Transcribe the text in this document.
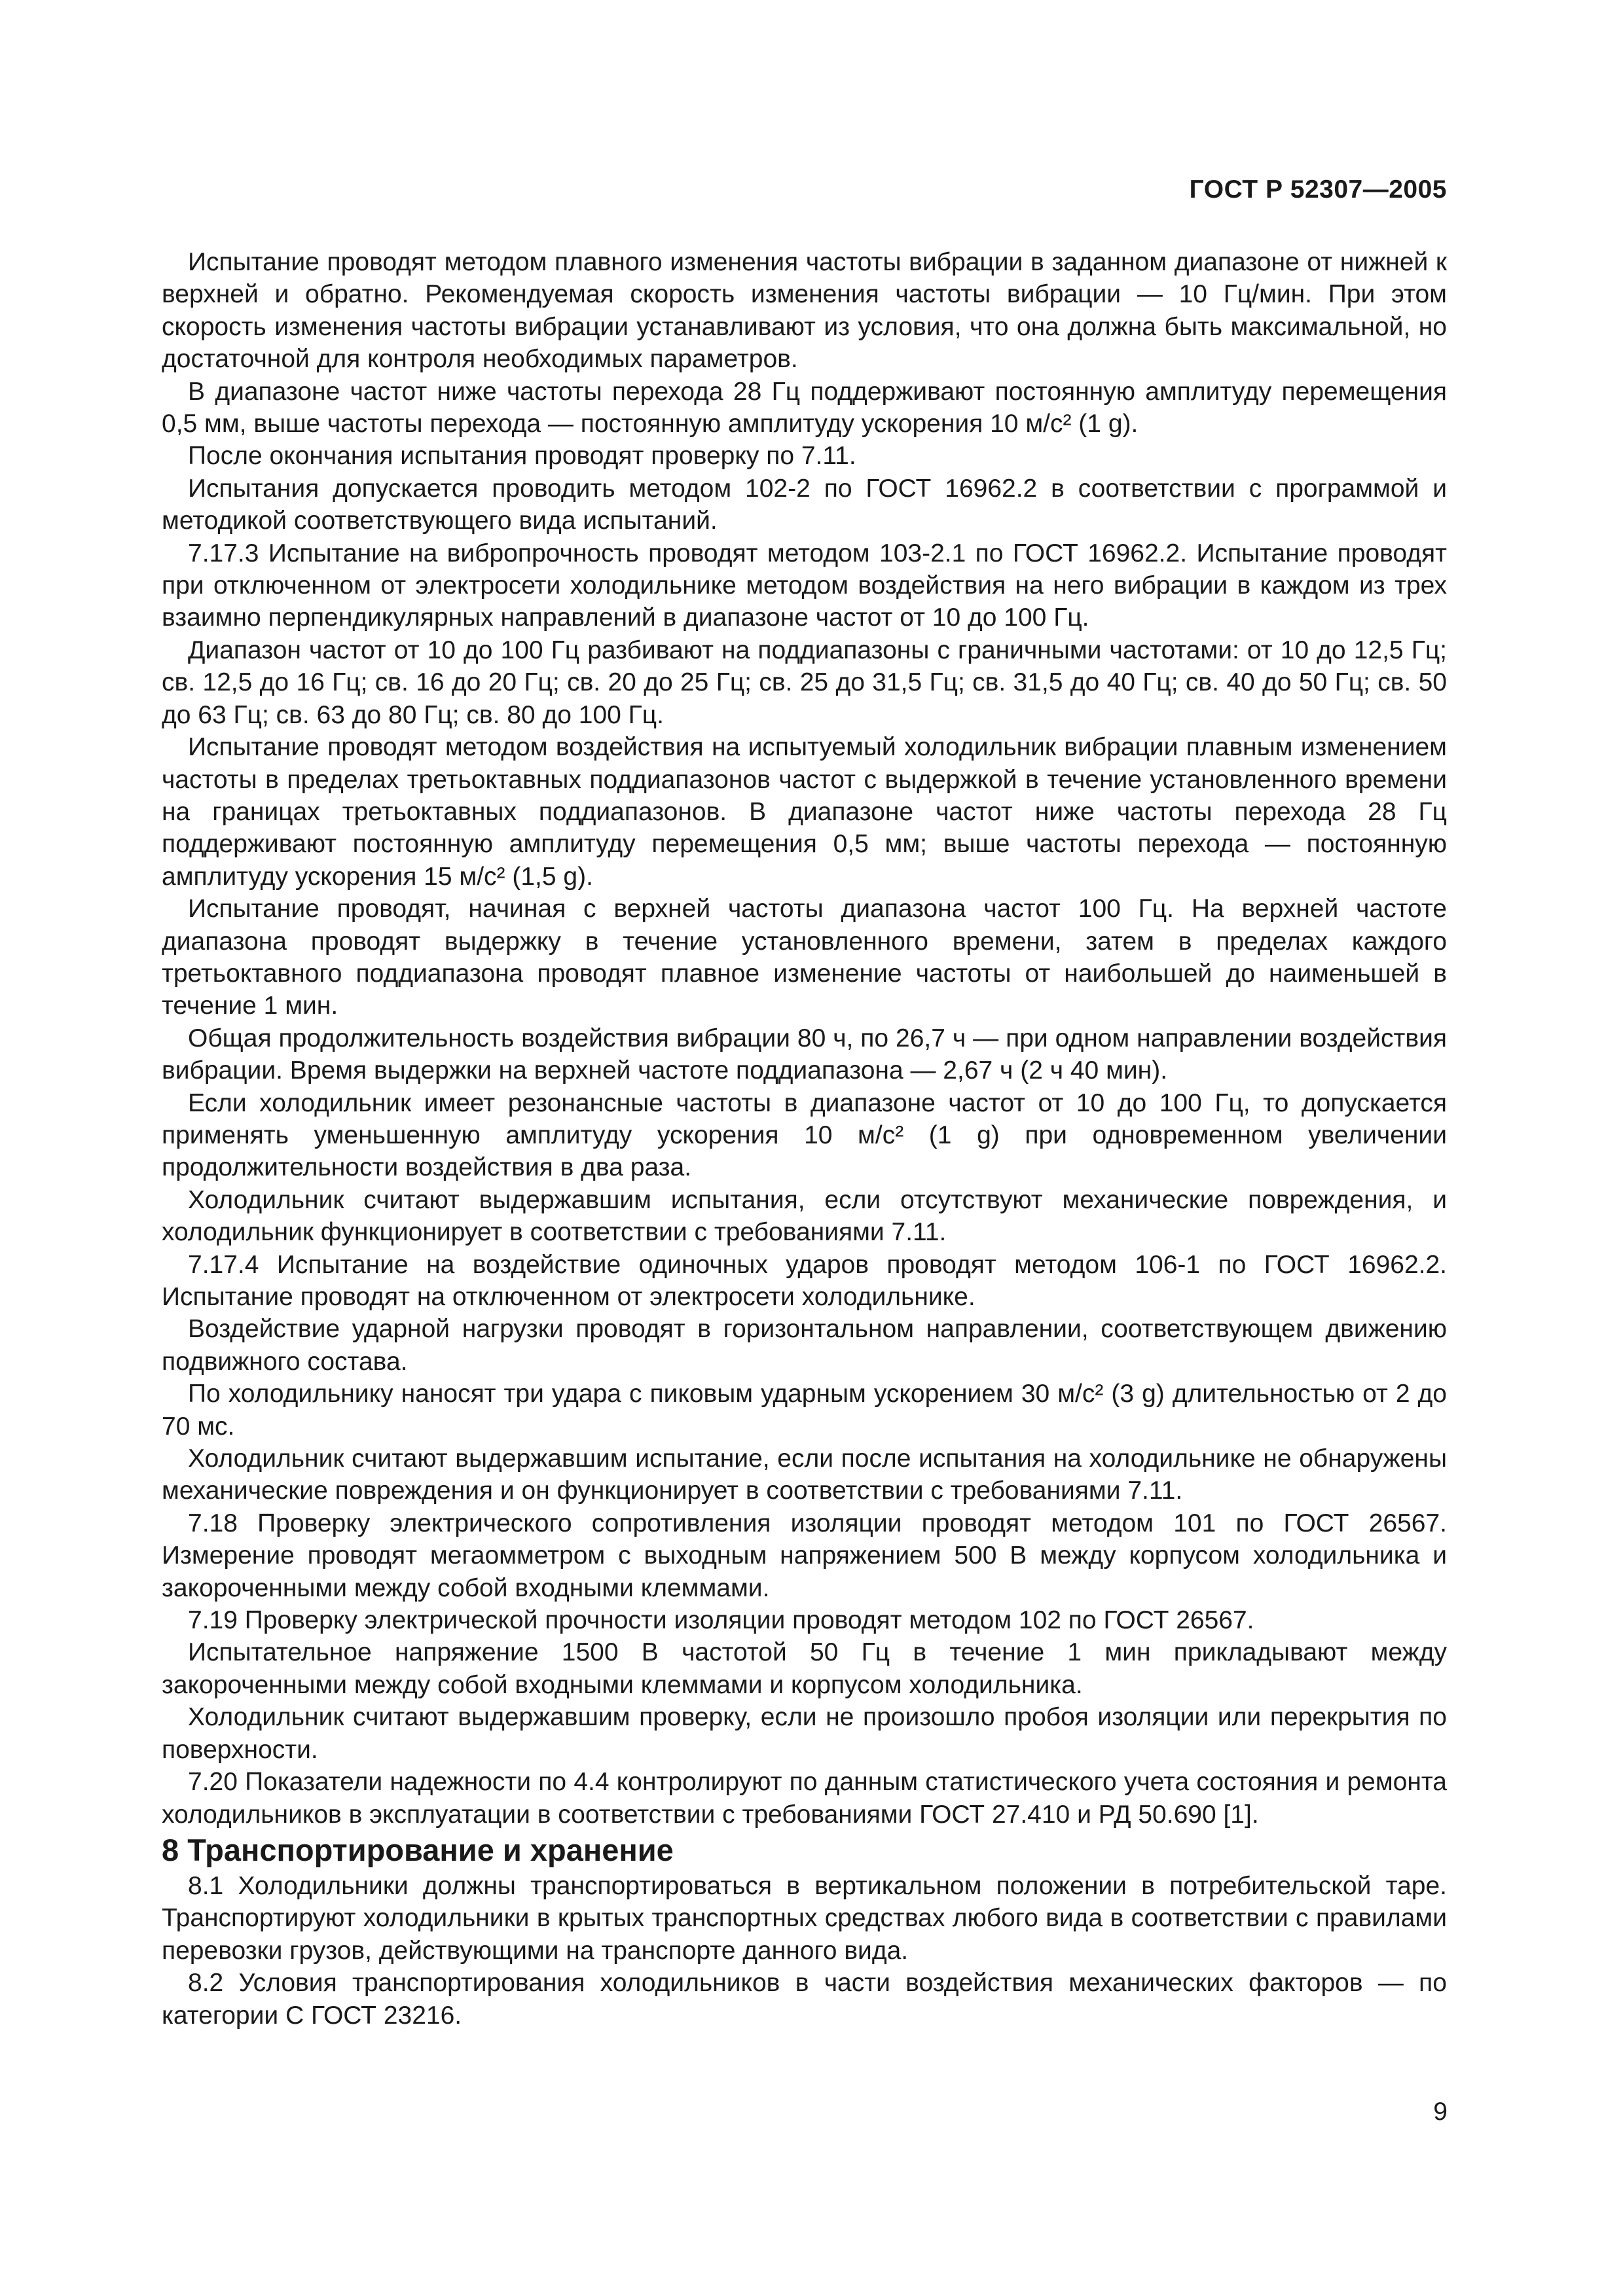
ГОСТ Р 52307—2005

Испытание проводят методом плавного изменения частоты вибрации в заданном диапазоне от нижней к верхней и обратно. Рекомендуемая скорость изменения частоты вибрации — 10 Гц/мин. При этом скорость изменения частоты вибрации устанавливают из условия, что она должна быть максимальной, но достаточной для контроля необходимых параметров.

В диапазоне частот ниже частоты перехода 28 Гц поддерживают постоянную амплитуду перемещения 0,5 мм, выше частоты перехода — постоянную амплитуду ускорения 10 м/с² (1 g).

После окончания испытания проводят проверку по 7.11.

Испытания допускается проводить методом 102-2 по ГОСТ 16962.2 в соответствии с программой и методикой соответствующего вида испытаний.

7.17.3 Испытание на вибропрочность проводят методом 103-2.1 по ГОСТ 16962.2. Испытание проводят при отключенном от электросети холодильнике методом воздействия на него вибрации в каждом из трех взаимно перпендикулярных направлений в диапазоне частот от 10 до 100 Гц.

Диапазон частот от 10 до 100 Гц разбивают на поддиапазоны с граничными частотами: от 10 до 12,5 Гц; св. 12,5 до 16 Гц; св. 16 до 20 Гц; св. 20 до 25 Гц; св. 25 до 31,5 Гц; св. 31,5 до 40 Гц; св. 40 до 50 Гц; св. 50 до 63 Гц; св. 63 до 80 Гц; св. 80 до 100 Гц.

Испытание проводят методом воздействия на испытуемый холодильник вибрации плавным изменением частоты в пределах третьоктавных поддиапазонов частот с выдержкой в течение установленного времени на границах третьоктавных поддиапазонов. В диапазоне частот ниже частоты перехода 28 Гц поддерживают постоянную амплитуду перемещения 0,5 мм; выше частоты перехода — постоянную амплитуду ускорения 15 м/с² (1,5 g).

Испытание проводят, начиная с верхней частоты диапазона частот 100 Гц. На верхней частоте диапазона проводят выдержку в течение установленного времени, затем в пределах каждого третьоктавного поддиапазона проводят плавное изменение частоты от наибольшей до наименьшей в течение 1 мин.

Общая продолжительность воздействия вибрации 80 ч, по 26,7 ч — при одном направлении воздействия вибрации. Время выдержки на верхней частоте поддиапазона — 2,67 ч (2 ч 40 мин).

Если холодильник имеет резонансные частоты в диапазоне частот от 10 до 100 Гц, то допускается применять уменьшенную амплитуду ускорения 10 м/с² (1 g) при одновременном увеличении продолжительности воздействия в два раза.

Холодильник считают выдержавшим испытания, если отсутствуют механические повреждения, и холодильник функционирует в соответствии с требованиями 7.11.

7.17.4 Испытание на воздействие одиночных ударов проводят методом 106-1 по ГОСТ 16962.2. Испытание проводят на отключенном от электросети холодильнике.

Воздействие ударной нагрузки проводят в горизонтальном направлении, соответствующем движению подвижного состава.

По холодильнику наносят три удара с пиковым ударным ускорением 30 м/с² (3 g) длительностью от 2 до 70 мс.

Холодильник считают выдержавшим испытание, если после испытания на холодильнике не обнаружены механические повреждения и он функционирует в соответствии с требованиями 7.11.

7.18 Проверку электрического сопротивления изоляции проводят методом 101 по ГОСТ 26567. Измерение проводят мегаомметром с выходным напряжением 500 В между корпусом холодильника и закороченными между собой входными клеммами.

7.19 Проверку электрической прочности изоляции проводят методом 102 по ГОСТ 26567.

Испытательное напряжение 1500 В частотой 50 Гц в течение 1 мин прикладывают между закороченными между собой входными клеммами и корпусом холодильника.

Холодильник считают выдержавшим проверку, если не произошло пробоя изоляции или перекрытия по поверхности.

7.20 Показатели надежности по 4.4 контролируют по данным статистического учета состояния и ремонта холодильников в эксплуатации в соответствии с требованиями ГОСТ 27.410 и РД 50.690 [1].

8 Транспортирование и хранение

8.1 Холодильники должны транспортироваться в вертикальном положении в потребительской таре. Транспортируют холодильники в крытых транспортных средствах любого вида в соответствии с правилами перевозки грузов, действующими на транспорте данного вида.

8.2 Условия транспортирования холодильников в части воздействия механических факторов — по категории С ГОСТ 23216.

9
